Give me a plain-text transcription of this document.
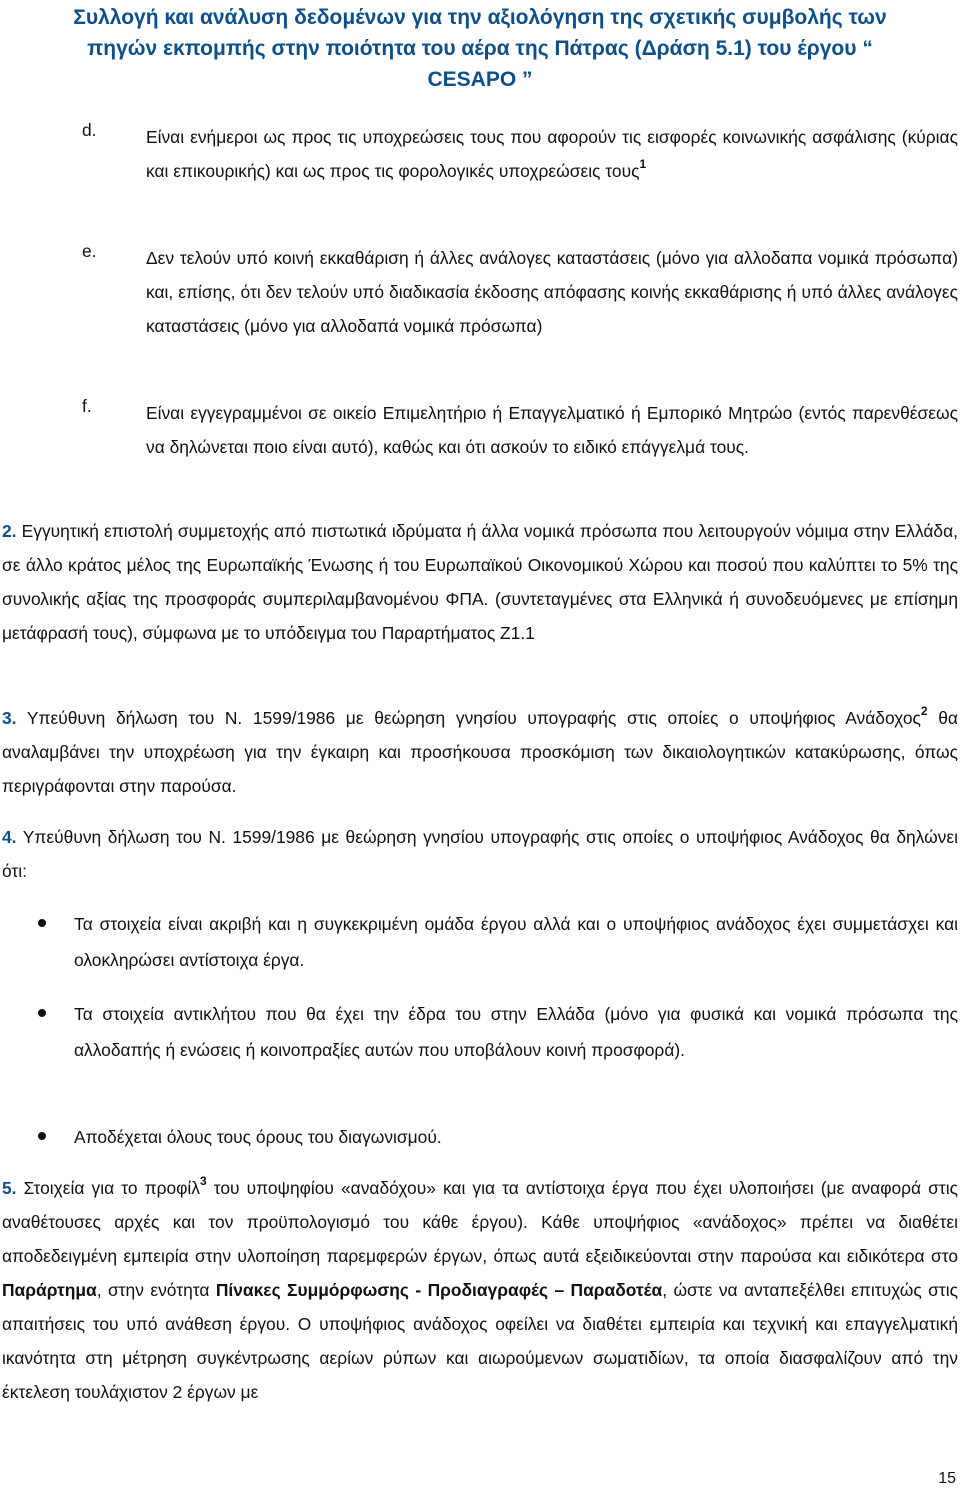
Συλλογή και ανάλυση δεδομένων για την αξιολόγηση της σχετικής συμβολής των
πηγών εκπομπής στην ποιότητα του αέρα της Πάτρας (Δράση 5.1) του έργου “
CESAPO ”
d.	Είναι ενήμεροι ως προς τις υποχρεώσεις τους που αφορούν τις εισφορές κοινωνικής ασφάλισης (κύριας και επικουρικής) και ως προς τις φορολογικές υποχρεώσεις τους$^1$
e.	Δεν τελούν υπό κοινή εκκαθάριση ή άλλες ανάλογες καταστάσεις (μόνο για αλλοδαπα νομικά πρόσωπα) και, επίσης, ότι δεν τελούν υπό διαδικασία έκδοσης απόφασης κοινής εκκαθάρισης ή υπό άλλες ανάλογες καταστάσεις (μόνο για αλλοδαπά νομικά πρόσωπα)
f.	Είναι εγγεγραμμένοι σε οικείο Επιμελητήριο ή Επαγγελματικό ή Εμπορικό Μητρώο (εντός παρενθέσεως να δηλώνεται ποιο είναι αυτό), καθώς και ότι ασκούν το ειδικό επάγγελμά τους.
2. Εγγυητική επιστολή συμμετοχής από πιστωτικά ιδρύματα ή άλλα νομικά πρόσωπα που λειτουργούν νόμιμα στην Ελλάδα, σε άλλο κράτος μέλος της Ευρωπαϊκής Ένωσης ή του Ευρωπαϊκού Οικονομικού Χώρου και ποσού που καλύπτει το 5% της συνολικής αξίας της προσφοράς συμπεριλαμβανομένου ΦΠΑ. (συντεταγμένες στα Ελληνικά ή συνοδευόμενες με επίσημη μετάφρασή τους), σύμφωνα με το υπόδειγμα του Παραρτήματος Ζ1.1
3. Υπεύθυνη δήλωση του Ν. 1599/1986 με θεώρηση γνησίου υπογραφής στις οποίες ο υποψήφιος Ανάδοχος$^2$ θα αναλαμβάνει την υποχρέωση για την έγκαιρη και προσήκουσα προσκόμιση των δικαιολογητικών κατακύρωσης, όπως περιγράφονται στην παρούσα.
4. Υπεύθυνη δήλωση του Ν. 1599/1986 με θεώρηση γνησίου υπογραφής στις οποίες ο υποψήφιος Ανάδοχος θα δηλώνει ότι:
Τα στοιχεία είναι ακριβή και η συγκεκριμένη ομάδα έργου αλλά και ο υποψήφιος ανάδοχος έχει συμμετάσχει και ολοκληρώσει αντίστοιχα έργα.
Τα στοιχεία αντικλήτου που θα έχει την έδρα του στην Ελλάδα (μόνο για φυσικά και νομικά πρόσωπα της αλλοδαπής ή ενώσεις ή κοινοπραξίες αυτών που υποβάλουν κοινή προσφορά).
Αποδέχεται όλους τους όρους του διαγωνισμού.
5. Στοιχεία για το προφίλ$^3$ του υποψηφίου «αναδόχου» και για τα αντίστοιχα έργα που έχει υλοποιήσει (με αναφορά στις αναθέτουσες αρχές και τον προϋπολογισμό του κάθε έργου). Κάθε υποψήφιος «ανάδοχος» πρέπει να διαθέτει αποδεδειγμένη εμπειρία στην υλοποίηση παρεμφερών έργων, όπως αυτά εξειδικεύονται στην παρούσα και ειδικότερα στο Παράρτημα, στην ενότητα Πίνακες Συμμόρφωσης - Προδιαγραφές – Παραδοτέα, ώστε να ανταπεξέλθει επιτυχώς στις απαιτήσεις του υπό ανάθεση έργου. Ο υποψήφιος ανάδοχος οφείλει να διαθέτει εμπειρία και τεχνική και επαγγελματική ικανότητα στη μέτρηση συγκέντρωσης αερίων ρύπων και αιωρούμενων σωματιδίων, τα οποία διασφαλίζουν από την έκτελεση τουλάχιστον 2 έργων με
15
